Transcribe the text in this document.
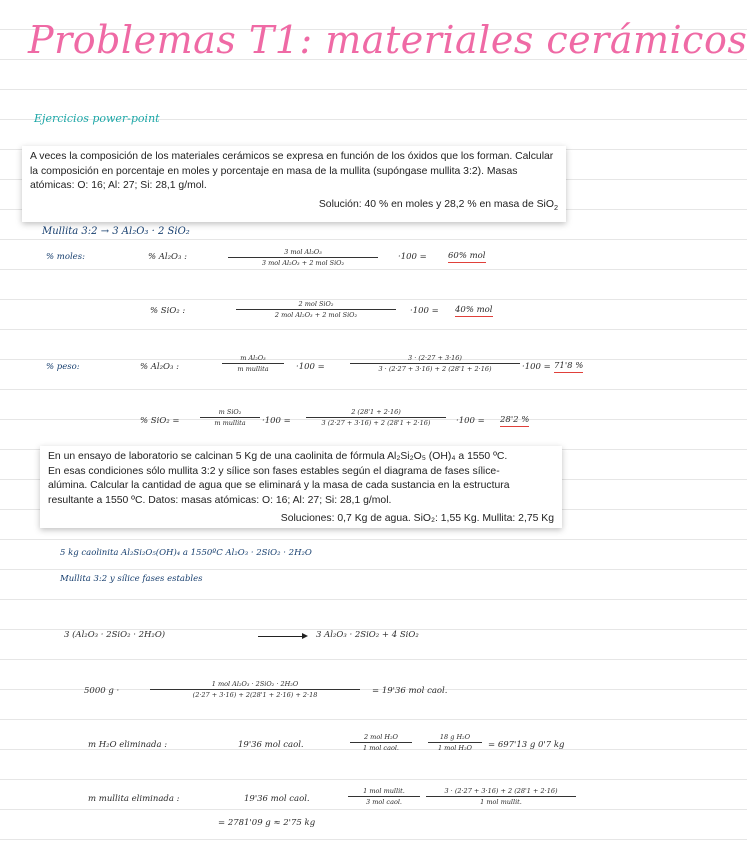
Problemas T1: materiales cerámicos
Ejercicios power-point

A veces la composición de los materiales cerámicos se expresa en función de los óxidos que los forman. Calcular la composición en porcentaje en moles y porcentaje en masa de la mullita (supóngase mullita 3:2). Masas atómicas: O: 16; Al: 27; Si: 28,1 g/mol.

Solución: 40 % en moles y 28,2 % en masa de SiO$_2$

Mullita 3:2 → 3 Al₂O₃ · 2 SiO₂
% moles:	% Al₂O₃ :	3 mol Al₂O₃
3 mol Al₂O₃ + 2 mol SiO₂
·100 =	60% mol
% SiO₂ :
2 mol SiO₂
2 mol Al₂O₃ + 2 mol SiO₂	·100 = 40% mol
% peso:	% Al₂O₃ :
m Al₂O₃
m mullita	·100 =	$\frac{3 \cdot (2\cdot 27 + 3\cdot 16)}{3 \cdot (2\cdot 27 + 3\cdot 16) + 2 (28'1 + 2\cdot 16)} \cdot 100 = 71'8$ %
% SiO₂ =
m SiO₂
m mullita	$\cdot 100 = \frac{2 (28'1 + 2\cdot 16)}{3 (2\cdot 27 + 3\cdot 16) + 2 (28'1 + 2\cdot 16)} \cdot 100 = 28'2$ %

En un ensayo de laboratorio se calcinan 5 Kg de una caolinita de fórmula Al₂Si₂O₅ (OH)₄ a 1550 ºC.

En esas condiciones sólo mullita 3:2 y sílice son fases estables según el diagrama de fases sílice-

alúmina. Calcular la cantidad de agua que se eliminará y la masa de cada sustancia en la estructura

resultante a 1550 ºC. Datos: masas atómicas: O: 16; Al: 27; Si: 28,1 g/mol.

Soluciones: 0,7 Kg de agua. SiO₂: 1,55 Kg. Mullita: 2,75 Kg

5 kg caolinita Al₂Si₂O₅(OH)₄ a 1550ºC Al₂O₃ · 2SiO₂ · 2H₂O
Mullita 3:2 y sílice fases estables
3 (Al₂O₃ · 2SiO₂ · 2H₂O)	→ 3 Al₂O₃ · 2SiO₂ + 4 SiO₂
5000 g ·
1 mol Al₂O₃ · 2SiO₂ · 2H₂O
(2·27 + 3·16) + 2(28'1 + 2·16) + 2·18	= 19'36 mol caol.
m H₂O eliminada :	19'36 mol caol.
2 mol H₂O
1 mol caol.
18 g H₂O
1 mol H₂O	= 697'13 g 0'7 kg
m mullita eliminada :	19'36 mol caol.
1 mol mullit.
3 mol caol.
3 · (2·27 + 3·16) + 2 (28'1 + 2·16)
1 mol mullit.
= 2781'09 g ≈ 2'75 kg
